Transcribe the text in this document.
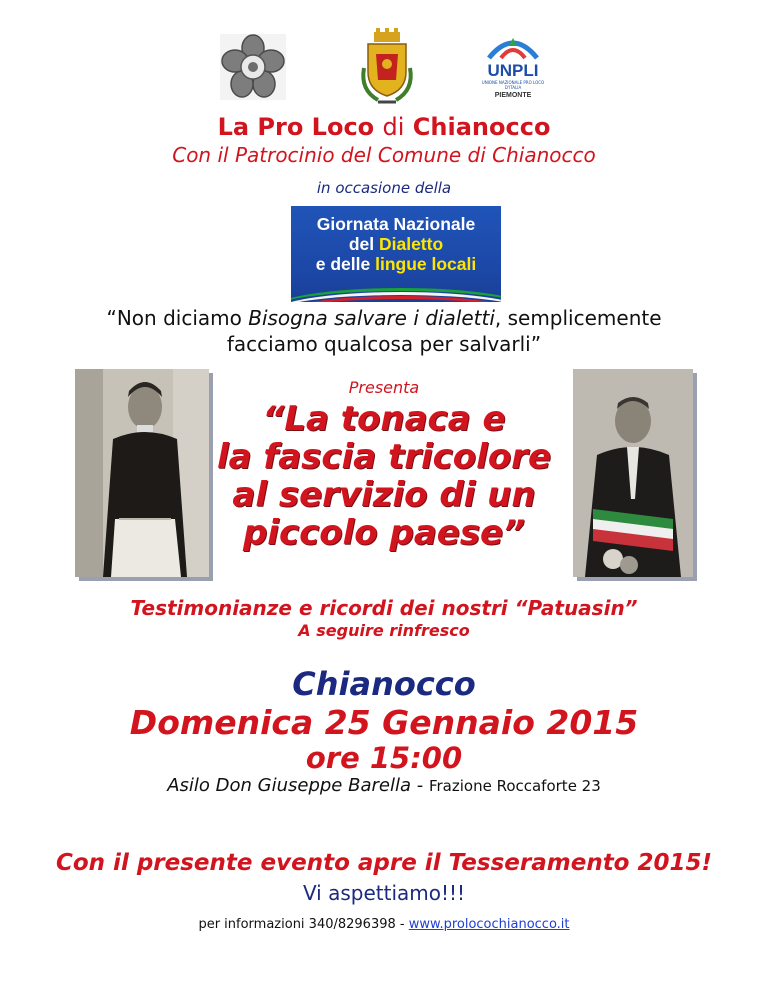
UNPLI
UNIONE NAZIONALE PRO LOCO D'ITALIA
PIEMONTE
La Pro Loco di Chianocco
Con il Patrocinio del Comune di Chianocco
in occasione della
Giornata Nazionale
del Dialetto
e delle lingue locali
“Non diciamo Bisogna salvare i dialetti, semplicemente
facciamo qualcosa per salvarli”
Presenta
“La tonaca e
la fascia tricolore
al servizio di un
piccolo paese”
Testimonianze e ricordi dei nostri “Patuasin”
A seguire rinfresco
Chianocco
Domenica 25 Gennaio 2015
ore 15:00
Asilo Don Giuseppe Barella - Frazione Roccaforte 23
Con il presente evento apre il Tesseramento 2015!
Vi aspettiamo!!!
per informazioni 340/8296398 - www.prolocochianocco.it
